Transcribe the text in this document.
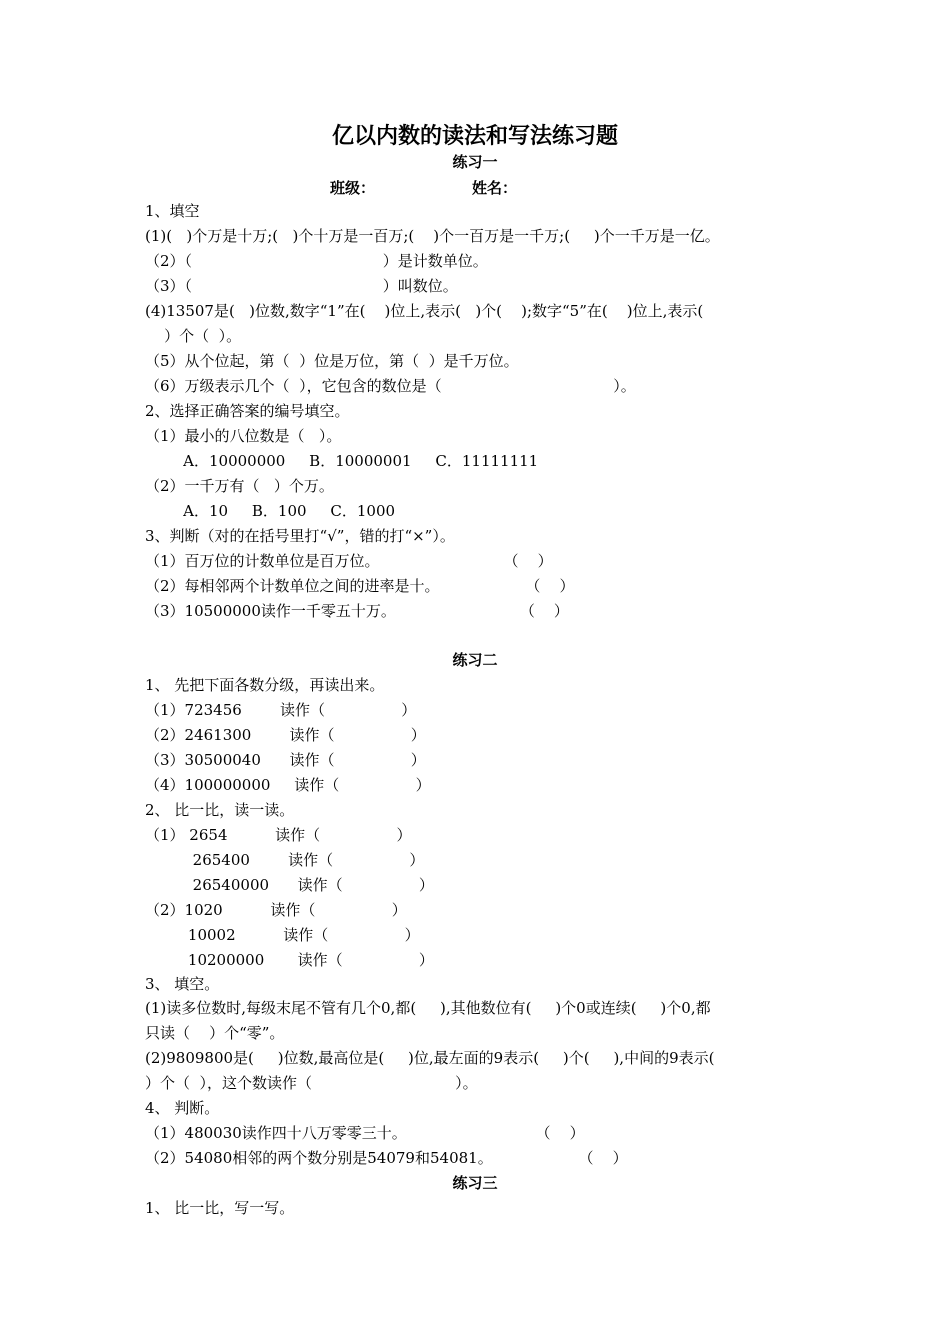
亿以内数的读法和写法练习题
练习一
班级：	姓名：
1、填空
(1)(   )个万是十万;(   )个十万是一百万;(    )个一百万是一千万;(     )个一千万是一亿。
（2）（                                        ）是计数单位。
（3）（                                        ）叫数位。
(4)13507是(   )位数,数字“1”在(    )位上,表示(   )个(    );数字“5”在(    )位上,表示(
）个（  ）。
（5）从个位起，第（  ）位是万位，第（  ）是千万位。
（6）万级表示几个（  ），它包含的数位是（                                    ）。
2、选择正确答案的编号填空。
（1）最小的八位数是（   ）。
A．10000000     B．10000001     C．11111111
（2）一千万有（   ）个万。
A．10     B．100     C．1000
3、判断（对的在括号里打“√”，错的打“×”）。
（1）百万位的计数单位是百万位。                          （    ）
（2）每相邻两个计数单位之间的进率是十。                  （    ）
（3）10500000读作一千零五十万。                          （    ）
练习二
1、 先把下面各数分级，再读出来。
（1）723456        读作（                ）
（2）2461300        读作（                ）
（3）30500040      读作（                ）
（4）100000000     读作（                ）
2、 比一比，读一读。
（1） 2654          读作（                ）
265400        读作（                ）
26540000      读作（                ）
（2）1020          读作（                ）
10002          读作（                ）
10200000       读作（                ）
3、 填空。
(1)读多位数时,每级末尾不管有几个0,都(     ),其他数位有(     )个0或连续(     )个0,都
只读（    ）个“零”。
(2)9809800是(     )位数,最高位是(     )位,最左面的9表示(     )个(     ),中间的9表示(
）个（  ），这个数读作（                              ）。
4、 判断。
（1）480030读作四十八万零零三十。                           （    ）
（2）54080相邻的两个数分别是54079和54081。                  （    ）
练习三
1、 比一比，写一写。
